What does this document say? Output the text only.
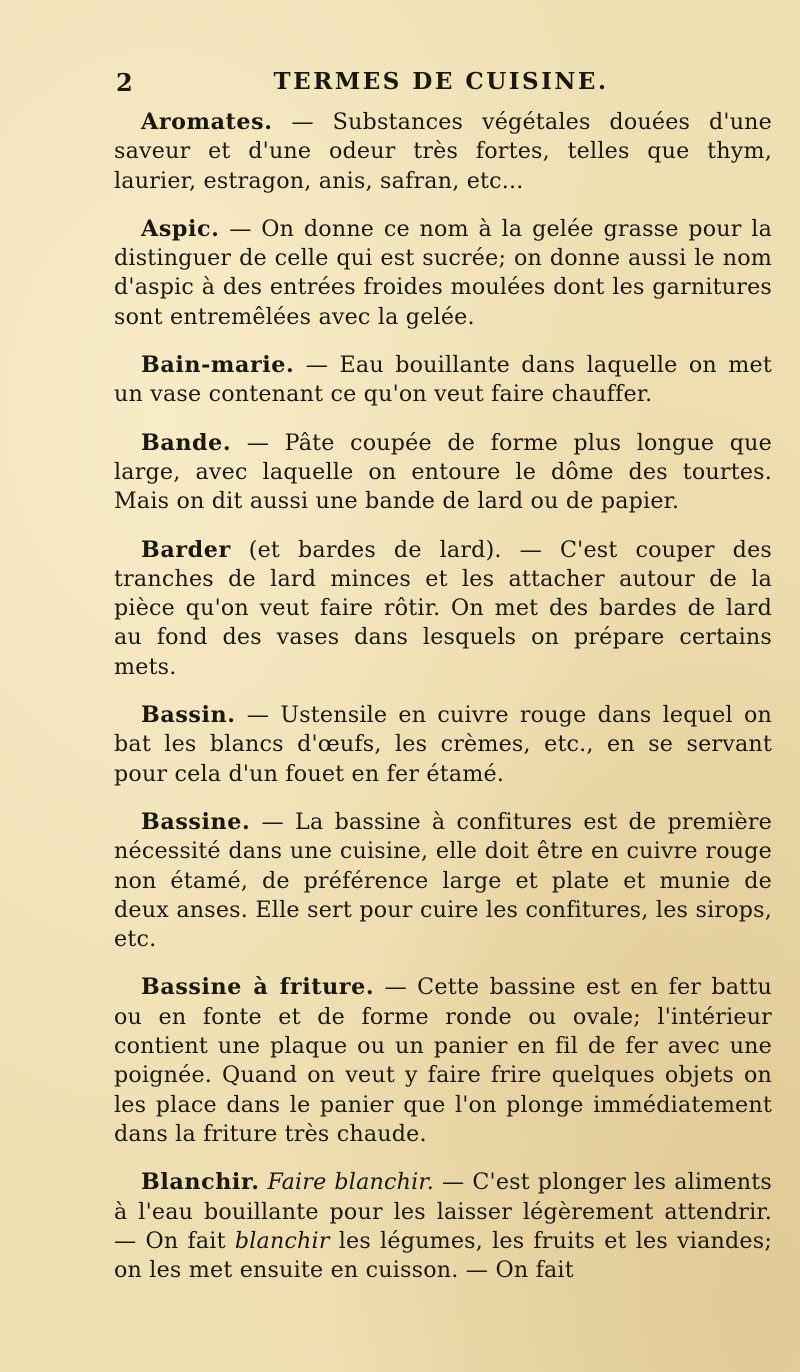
2	TERMES DE CUISINE.

Aromates. — Substances végétales douées d'une saveur et d'une odeur très fortes, telles que thym, laurier, estragon, anis, safran, etc...

Aspic. — On donne ce nom à la gelée grasse pour la distinguer de celle qui est sucrée; on donne aussi le nom d'aspic à des entrées froides moulées dont les garnitures sont entremêlées avec la gelée.

Bain-marie. — Eau bouillante dans laquelle on met un vase contenant ce qu'on veut faire chauffer.

Bande. — Pâte coupée de forme plus longue que large, avec laquelle on entoure le dôme des tourtes. Mais on dit aussi une bande de lard ou de papier.

Barder (et bardes de lard). — C'est couper des tranches de lard minces et les attacher autour de la pièce qu'on veut faire rôtir. On met des bardes de lard au fond des vases dans lesquels on prépare certains mets.

Bassin. — Ustensile en cuivre rouge dans lequel on bat les blancs d'œufs, les crèmes, etc., en se servant pour cela d'un fouet en fer étamé.

Bassine. — La bassine à confitures est de première nécessité dans une cuisine, elle doit être en cuivre rouge non étamé, de préférence large et plate et munie de deux anses. Elle sert pour cuire les confitures, les sirops, etc.

Bassine à friture. — Cette bassine est en fer battu ou en fonte et de forme ronde ou ovale; l'intérieur contient une plaque ou un panier en fil de fer avec une poignée. Quand on veut y faire frire quelques objets on les place dans le panier que l'on plonge immédiatement dans la friture très chaude.

Blanchir. Faire blanchir. — C'est plonger les aliments à l'eau bouillante pour les laisser légèrement attendrir. — On fait blanchir les légumes, les fruits et les viandes; on les met ensuite en cuisson. — On fait
